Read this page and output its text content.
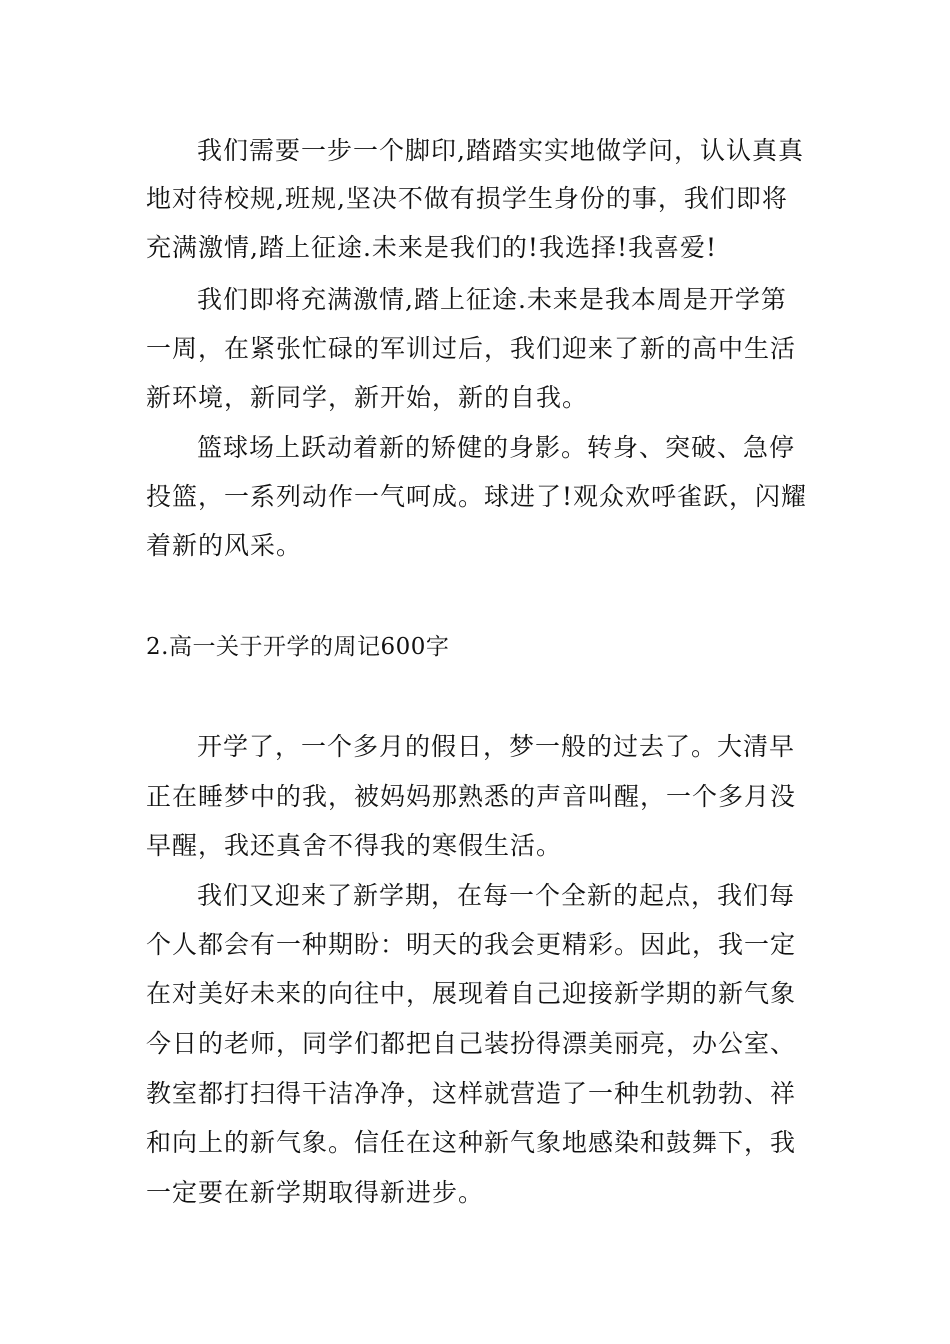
我们需要一步一个脚印,踏踏实实地做学问，认认真真
地对待校规,班规,坚决不做有损学生身份的事，我们即将
充满激情,踏上征途.未来是我们的!我选择!我喜爱!
我们即将充满激情,踏上征途.未来是我本周是开学第
一周，在紧张忙碌的军训过后，我们迎来了新的高中生活
新环境，新同学，新开始，新的自我。
篮球场上跃动着新的矫健的身影。转身、突破、急停
投篮，一系列动作一气呵成。球进了!观众欢呼雀跃，闪耀
着新的风采。
2.高一关于开学的周记600字
开学了，一个多月的假日，梦一般的过去了。大清早
正在睡梦中的我，被妈妈那熟悉的声音叫醒，一个多月没
早醒，我还真舍不得我的寒假生活。
我们又迎来了新学期，在每一个全新的起点，我们每
个人都会有一种期盼：明天的我会更精彩。因此，我一定
在对美好未来的向往中，展现着自己迎接新学期的新气象
今日的老师，同学们都把自己装扮得漂美丽亮，办公室、
教室都打扫得干洁净净，这样就营造了一种生机勃勃、祥
和向上的新气象。信任在这种新气象地感染和鼓舞下，我
一定要在新学期取得新进步。
